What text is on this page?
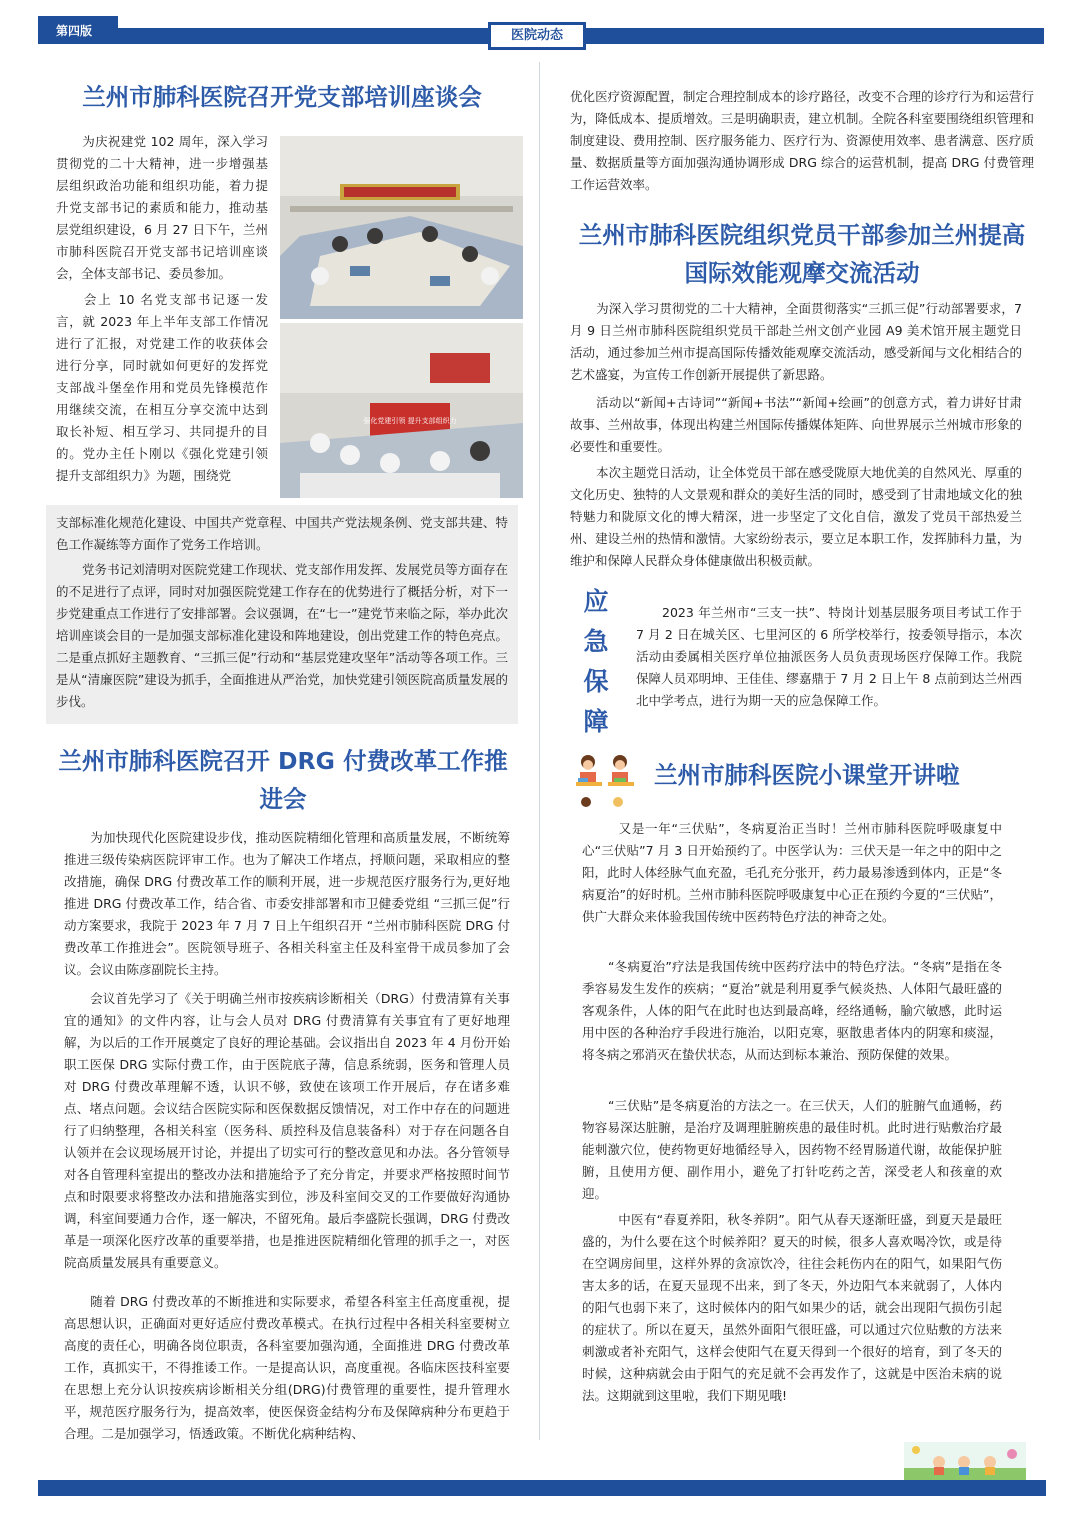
第四版	医院动态
兰州市肺科医院召开党支部培训座谈会

为庆祝建党 102 周年，深入学习贯彻党的二十大精神，进一步增强基层组织政治功能和组织功能，着力提升党支部书记的素质和能力，推动基层党组织建设，6 月 27 日下午，兰州市肺科医院召开党支部书记培训座谈会，全体支部书记、委员参加。

会上 10 名党支部书记逐一发言，就 2023 年上半年支部工作情况进行了汇报，对党建工作的收获体会进行分享，同时就如何更好的发挥党支部战斗堡垒作用和党员先锋模范作用继续交流，在相互分享交流中达到取长补短、相互学习、共同提升的目的。党办主任卜刚以《强化党建引领 提升支部组织力》为题，围绕党

强化党建引领 提升支部组织力

支部标准化规范化建设、中国共产党章程、中国共产党法规条例、党支部共建、特色工作凝练等方面作了党务工作培训。

党务书记刘清明对医院党建工作现状、党支部作用发挥、发展党员等方面存在的不足进行了点评，同时对加强医院党建工作存在的优势进行了概括分析，对下一步党建重点工作进行了安排部署。会议强调，在“七一”建党节来临之际，举办此次培训座谈会目的一是加强支部标准化建设和阵地建设，创出党建工作的特色亮点。二是重点抓好主题教育、“三抓三促”行动和“基层党建攻坚年”活动等各项工作。三是从“清廉医院”建设为抓手，全面推进从严治党，加快党建引领医院高质量发展的步伐。

兰州市肺科医院召开 DRG 付费改革工作推进会

为加快现代化医院建设步伐，推动医院精细化管理和高质量发展，不断统筹推进三级传染病医院评审工作。也为了解决工作堵点，捋顺问题，采取相应的整改措施，确保 DRG 付费改革工作的顺利开展，进一步规范医疗服务行为,更好地推进 DRG 付费改革工作，结合省、市委安排部署和市卫健委党组 “三抓三促”行动方案要求，我院于 2023 年 7 月 7 日上午组织召开 “兰州市肺科医院 DRG 付费改革工作推进会”。医院领导班子、各相关科室主任及科室骨干成员参加了会议。会议由陈彦副院长主持。

会议首先学习了《关于明确兰州市按疾病诊断相关（DRG）付费清算有关事宜的通知》的文件内容，让与会人员对 DRG 付费清算有关事宜有了更好地理解，为以后的工作开展奠定了良好的理论基础。会议指出自 2023 年 4 月份开始职工医保 DRG 实际付费工作，由于医院底子薄，信息系统弱，医务和管理人员对 DRG 付费改革理解不透，认识不够，致使在该项工作开展后，存在诸多难点、堵点问题。会议结合医院实际和医保数据反馈情况，对工作中存在的问题进行了归纳整理，各相关科室（医务科、质控科及信息装备科）对于存在问题各自认领并在会议现场展开讨论，并提出了切实可行的整改意见和办法。各分管领导对各自管理科室提出的整改办法和措施给予了充分肯定，并要求严格按照时间节点和时限要求将整改办法和措施落实到位，涉及科室间交叉的工作要做好沟通协调，科室间要通力合作，逐一解决，不留死角。最后李盛院长强调，DRG 付费改革是一项深化医疗改革的重要举措，也是推进医院精细化管理的抓手之一，对医院高质量发展具有重要意义。

随着 DRG 付费改革的不断推进和实际要求，希望各科室主任高度重视，提高思想认识，正确面对更好适应付费改革模式。在执行过程中各相关科室要树立高度的责任心，明确各岗位职责，各科室要加强沟通，全面推进 DRG 付费改革工作，真抓实干，不得推诿工作。一是提高认识，高度重视。各临床医技科室要在思想上充分认识按疾病诊断相关分组(DRG)付费管理的重要性，提升管理水平，规范医疗服务行为，提高效率，使医保资金结构分布及保障病种分布更趋于合理。二是加强学习，悟透政策。不断优化病种结构、

优化医疗资源配置，制定合理控制成本的诊疗路径，改变不合理的诊疗行为和运营行为，降低成本、提质增效。三是明确职责，建立机制。全院各科室要围绕组织管理和制度建设、费用控制、医疗服务能力、医疗行为、资源使用效率、患者满意、医疗质量、数据质量等方面加强沟通协调形成 DRG 综合的运营机制，提高 DRG 付费管理工作运营效率。

兰州市肺科医院组织党员干部参加兰州提高国际效能观摩交流活动

为深入学习贯彻党的二十大精神，全面贯彻落实“三抓三促”行动部署要求，7 月 9 日兰州市肺科医院组织党员干部赴兰州文创产业园 A9 美术馆开展主题党日活动，通过参加兰州市提高国际传播效能观摩交流活动，感受新闻与文化相结合的艺术盛宴，为宣传工作创新开展提供了新思路。

活动以“新闻+古诗词”“新闻+书法”“新闻+绘画”的创意方式，着力讲好甘肃故事、兰州故事，体现出构建兰州国际传播媒体矩阵、向世界展示兰州城市形象的必要性和重要性。

本次主题党日活动，让全体党员干部在感受陇原大地优美的自然风光、厚重的文化历史、独特的人文景观和群众的美好生活的同时，感受到了甘肃地域文化的独特魅力和陇原文化的博大精深，进一步坚定了文化自信，激发了党员干部热爱兰州、建设兰州的热情和激情。大家纷纷表示，要立足本职工作，发挥肺科力量，为维护和保障人民群众身体健康做出积极贡献。

应急保障

2023 年兰州市“三支一扶”、特岗计划基层服务项目考试工作于 7 月 2 日在城关区、七里河区的 6 所学校举行，按委领导指示，本次活动由委属相关医疗单位抽派医务人员负责现场医疗保障工作。我院保障人员邓明坤、王佳佳、缪嘉鼎于 7 月 2 日上午 8 点前到达兰州西北中学考点，进行为期一天的应急保障工作。

兰州市肺科医院小课堂开讲啦

又是一年“三伏贴”，冬病夏治正当时！兰州市肺科医院呼吸康复中心“三伏贴”7 月 3 日开始预约了。中医学认为：三伏天是一年之中的阳中之阳，此时人体经脉气血充盈，毛孔充分张开，药力最易渗透到体内，正是“冬病夏治”的好时机。兰州市肺科医院呼吸康复中心正在预约今夏的“三伏贴”，供广大群众来体验我国传统中医药特色疗法的神奇之处。

“冬病夏治”疗法是我国传统中医药疗法中的特色疗法。“冬病”是指在冬季容易发生发作的疾病；“夏治”就是利用夏季气候炎热、人体阳气最旺盛的客观条件，人体的阳气在此时也达到最高峰，经络通畅，腧穴敏感，此时运用中医的各种治疗手段进行施治，以阳克寒，驱散患者体内的阴寒和痰湿，将冬病之邪消灭在蛰伏状态，从而达到标本兼治、预防保健的效果。

“三伏贴”是冬病夏治的方法之一。在三伏天，人们的脏腑气血通畅，药物容易深达脏腑，是治疗及调理脏腑疾患的最佳时机。此时进行贴敷治疗最能刺激穴位，使药物更好地循经导入，因药物不经胃肠道代谢，故能保护脏腑，且使用方便、副作用小，避免了打针吃药之苦，深受老人和孩童的欢迎。

中医有“春夏养阳，秋冬养阴”。阳气从春天逐渐旺盛，到夏天是最旺盛的，为什么要在这个时候养阳？夏天的时候，很多人喜欢喝冷饮，或是待在空调房间里，这样外界的贪凉饮冷，往往会耗伤内在的阳气，如果阳气伤害太多的话，在夏天显现不出来，到了冬天，外边阳气本来就弱了，人体内的阳气也弱下来了，这时候体内的阳气如果少的话，就会出现阳气损伤引起的症状了。所以在夏天，虽然外面阳气很旺盛，可以通过穴位贴敷的方法来刺激或者补充阳气，这样会使阳气在夏天得到一个很好的培育，到了冬天的时候，这种病就会由于阳气的充足就不会再发作了，这就是中医治未病的说法。这期就到这里啦，我们下期见哦!
